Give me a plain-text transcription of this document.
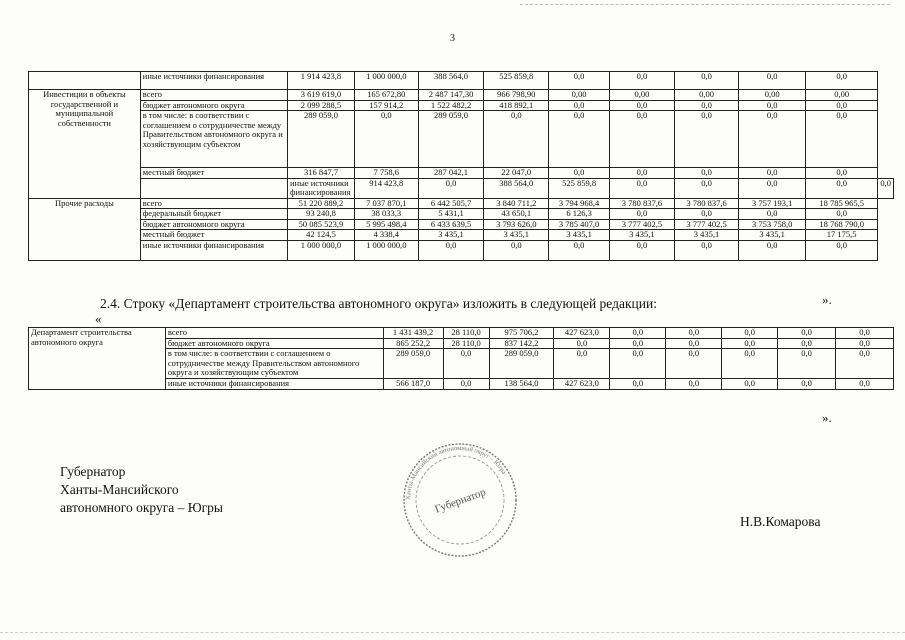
3
	иные источники финансирования	1 914 423,8	1 000 000,0	388 564,0	525 859,8	0,0	0,0	0,0	0,0	0,0	
Инвестиции в объекты государственной и муниципальной собственности	всего	3 619 619,0	165 672,80	2 487 147,30	966 798,90	0,00	0,00	0,00	0,00	0,00	
	бюджет автономного округа	2 099 288,5	157 914,2	1 522 482,2	418 892,1	0,0	0,0	0,0	0,0	0,0	
	в том числе: в соответствии с соглашением о сотрудничестве между Правительством автономного округа и хозяйствующим субъектом	289 059,0	0,0	289 059,0	0,0	0,0	0,0	0,0	0,0	0,0	
	местный бюджет	316 847,7	7 758,6	287 042,1	22 047,0	0,0	0,0	0,0	0,0	0,0	
		иные источники финансирования	914 423,8	0,0	388 564,0	525 859,8	0,0	0,0	0,0	0,0	0,0
Прочие расходы	всего	51 220 889,2	7 037 870,1	6 442 505,7	3 840 711,2	3 794 968,4	3 780 837,6	3 780 837,6	3 757 193,1	18 785 965,5	
	федеральный бюджет	93 240,8	38 033,3	5 431,1	43 650,1	6 126,3	0,0	0,0	0,0	0,0	
	бюджет автономного округа	50 085 523,9	5 995 498,4	6 433 639,5	3 793 626,0	3 785 407,0	3 777 402,5	3 777 402,5	3 753 758,0	18 768 790,0	
	местный бюджет	42 124,5	4 338,4	3 435,1	3 435,1	3 435,1	3 435,1	3 435,1	3 435,1	17 175,5	
	иные источники финансирования	1 000 000,0	1 000 000,0	0,0	0,0	0,0	0,0	0,0	0,0	0,0	
».
2.4. Строку «Департамент строительства автономного округа» изложить в следующей редакции:
«
Департамент строительства автономного округа	всего	1 431 439,2	28 110,0	975 706,2	427 623,0	0,0	0,0	0,0	0,0	0,0
	бюджет автономного округа	865 252,2	28 110,0	837 142,2	0,0	0,0	0,0	0,0	0,0	0,0
	в том числе: в соответствии с соглашением о сотрудничестве между Правительством автономного округа и хозяйствующим субъектом	289 059,0	0,0	289 059,0	0,0	0,0	0,0	0,0	0,0	0,0
	иные источники финансирования	566 187,0	0,0	138 564,0	427 623,0	0,0	0,0	0,0	0,0	0,0
».
Губернатор
Ханты-Мансийского
автономного округа – Югры
Ханты-Мансийский автономный округ – Югра
Губернатор
Н.В.Комарова
